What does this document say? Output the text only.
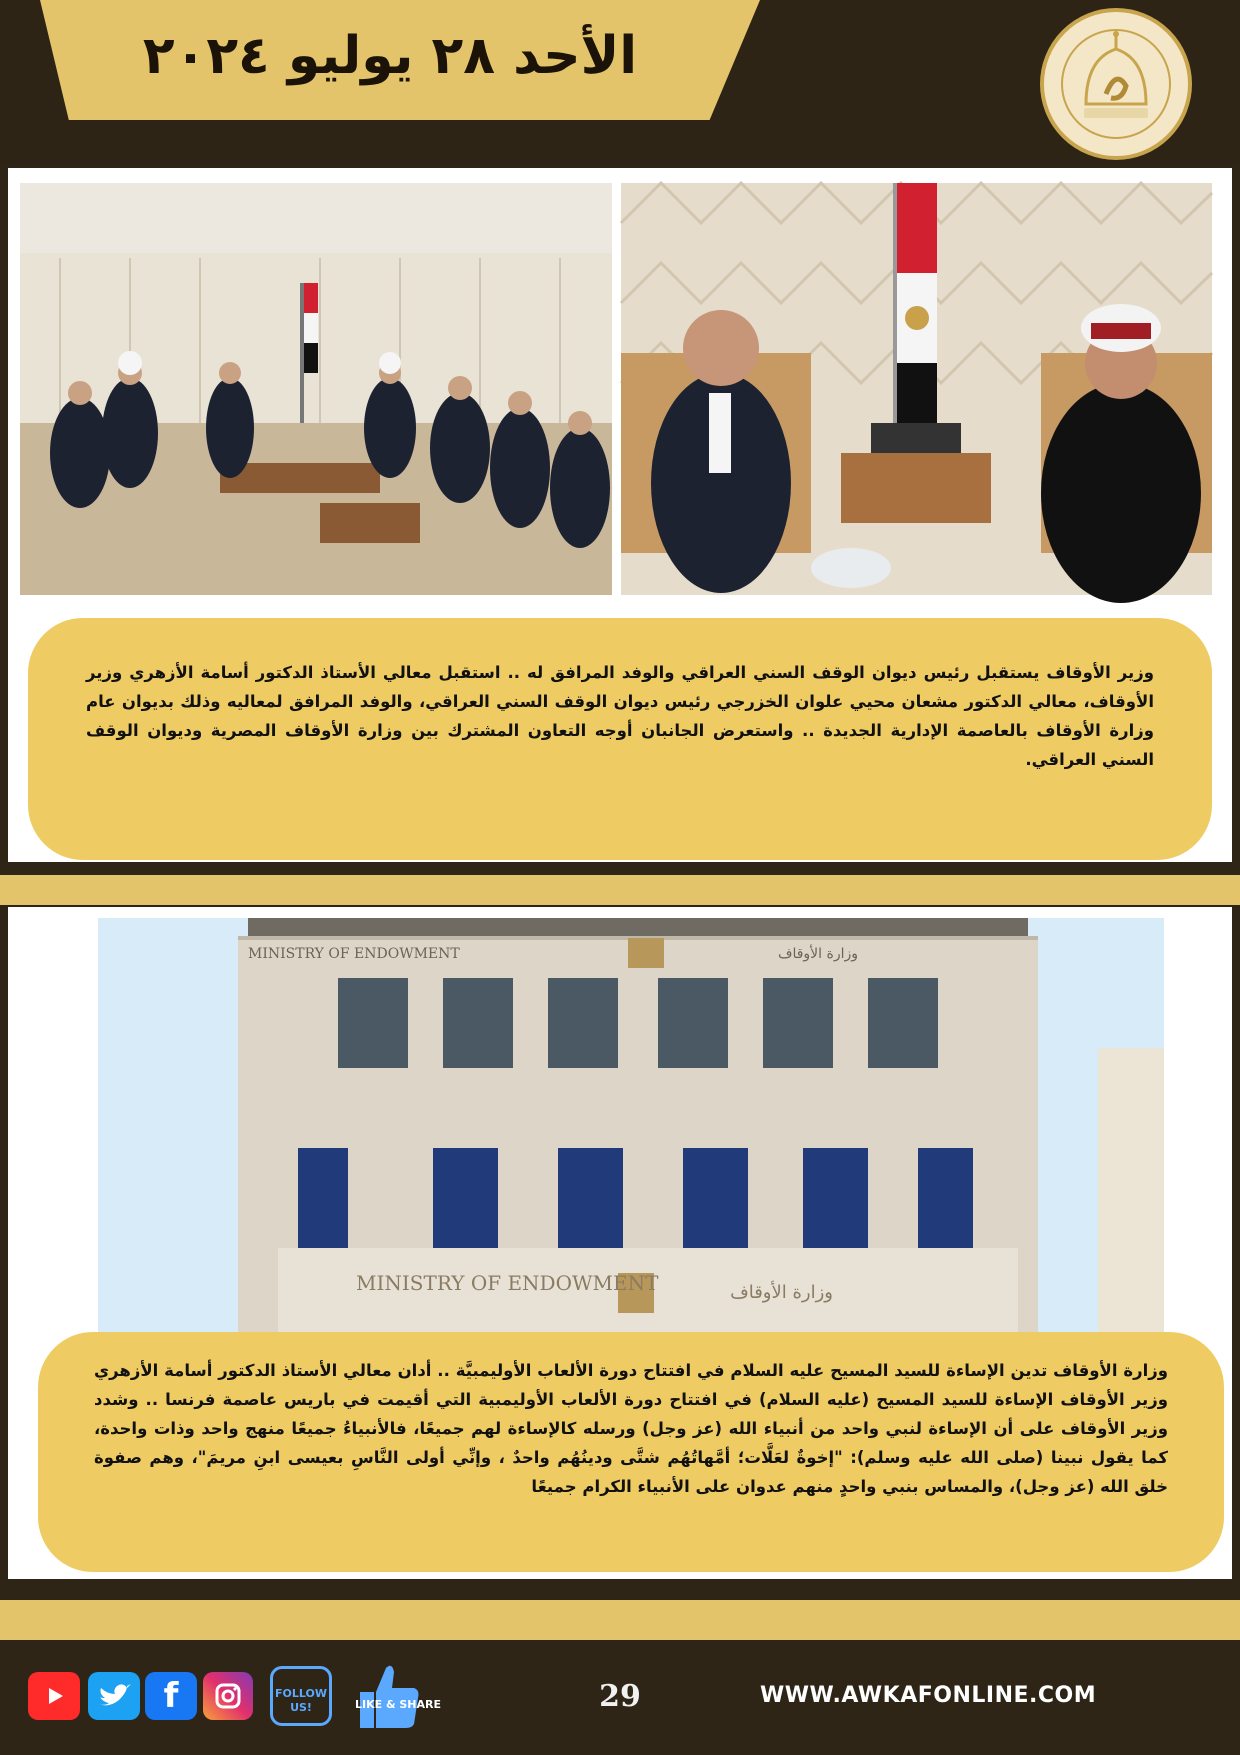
الأحد ٢٨ يوليو ٢٠٢٤
وزير الأوقاف يستقبل رئيس ديوان الوقف السني العراقي والوفد المرافق له .. استقبل معالي الأستاذ الدكتور أسامة الأزهري وزير الأوقاف، معالي الدكتور مشعان محيي علوان الخزرجي رئيس ديوان الوقف السني العراقي، والوفد المرافق لمعاليه وذلك بديوان عام وزارة الأوقاف بالعاصمة الإدارية الجديدة .. واستعرض الجانبان أوجه التعاون المشترك بين وزارة الأوقاف المصرية وديوان الوقف السني العراقي.
MINISTRY OF ENDOWMENT	وزارة الأوقاف
MINISTRY OF ENDOWMENT	وزارة الأوقاف
وزارة الأوقاف تدين الإساءة للسيد المسيح عليه السلام في افتتاح دورة الألعاب الأوليمبيَّة .. أدان معالي الأستاذ الدكتور أسامة الأزهري وزير الأوقاف الإساءة للسيد المسيح (عليه السلام) في افتتاح دورة الألعاب الأوليمبية التي أقيمت في باريس عاصمة فرنسا .. وشدد وزير الأوقاف على أن الإساءة لنبي واحد من أنبياء الله (عز وجل) ورسله كالإساءة لهم جميعًا، فالأنبياءُ جميعًا منهج واحد وذات واحدة، كما يقول نبينا (صلى الله عليه وسلم): "إخوةٌ لعَلَّات؛ أمَّهاتُهُم شتَّى ودينُهُم واحدٌ ، وإنِّي أولى النَّاسِ بعيسى ابنِ مريمَ"، وهم صفوة خلق الله (عز وجل)، والمساس بنبي واحدٍ منهم عدوان على الأنبياء الكرام جميعًا
f	FOLLOW US!	LIKE & SHARE	29	WWW.AWKAFONLINE.COM
